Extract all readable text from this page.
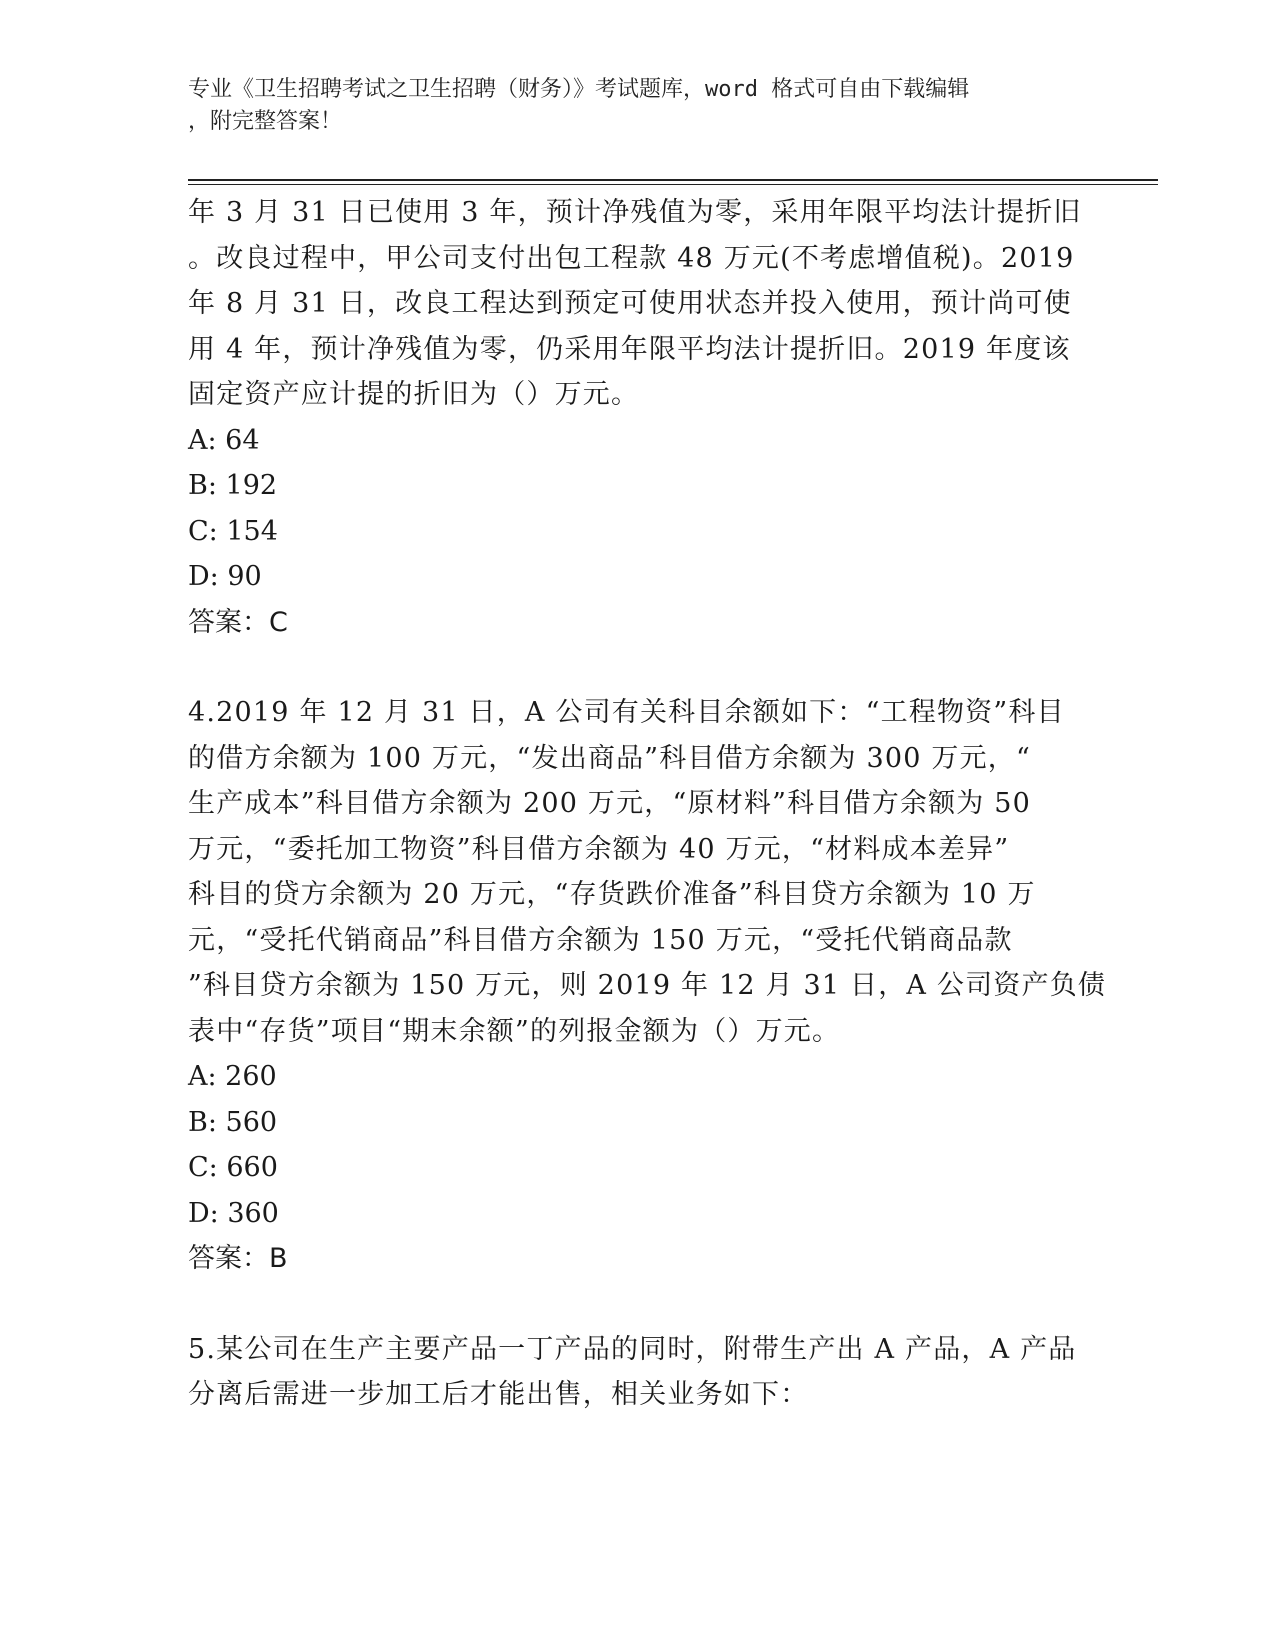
专业《卫生招聘考试之卫生招聘（财务）》考试题库，word 格式可自由下载编辑
，附完整答案！
年 3 月 31 日已使用 3 年，预计净残值为零，采用年限平均法计提折旧
。改良过程中，甲公司支付出包工程款 48 万元(不考虑增值税)。2019
年 8 月 31 日，改良工程达到预定可使用状态并投入使用，预计尚可使
用 4 年，预计净残值为零，仍采用年限平均法计提折旧。2019 年度该
固定资产应计提的折旧为（）万元。
A: 64
B: 192
C: 154
D: 90
答案：C
4.2019 年 12 月 31 日，A 公司有关科目余额如下：“工程物资”科目
的借方余额为 100 万元，“发出商品”科目借方余额为 300 万元，“
生产成本”科目借方余额为 200 万元，“原材料”科目借方余额为 50
万元，“委托加工物资”科目借方余额为 40 万元，“材料成本差异”
科目的贷方余额为 20 万元，“存货跌价准备”科目贷方余额为 10 万
元，“受托代销商品”科目借方余额为 150 万元，“受托代销商品款
”科目贷方余额为 150 万元，则 2019 年 12 月 31 日，A 公司资产负债
表中“存货”项目“期末余额”的列报金额为（）万元。
A: 260
B: 560
C: 660
D: 360
答案：B
5.某公司在生产主要产品一丁产品的同时，附带生产出 A 产品，A 产品
分离后需进一步加工后才能出售，相关业务如下：
